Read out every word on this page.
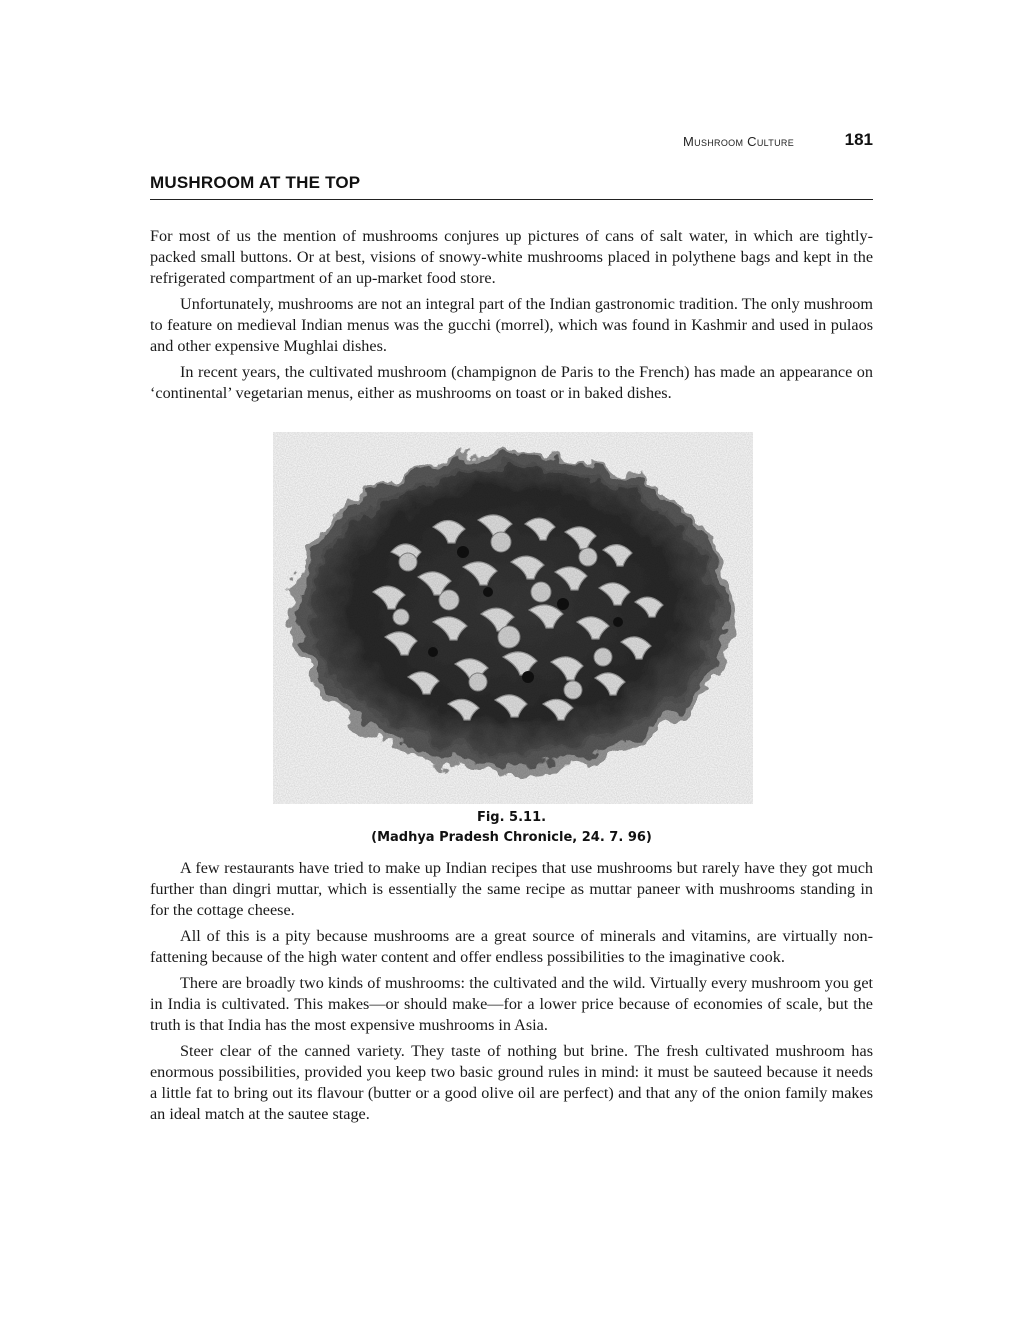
Mushroom Culture	181
MUSHROOM AT THE TOP

For most of us the mention of mushrooms conjures up pictures of cans of salt water, in which are tightly-packed small buttons. Or at best, visions of snowy-white mushrooms placed in polythene bags and kept in the refrigerated compartment of an up-market food store.

Unfortunately, mushrooms are not an integral part of the Indian gastronomic tradition. The only mushroom to feature on medieval Indian menus was the gucchi (morrel), which was found in Kashmir and used in pulaos and other expensive Mughlai dishes.

In recent years, the cultivated mushroom (champignon de Paris to the French) has made an appearance on ‘continental’ vegetarian menus, either as mushrooms on toast or in baked dishes.

Fig. 5.11.
(Madhya Pradesh Chronicle, 24. 7. 96)

A few restaurants have tried to make up Indian recipes that use mushrooms but rarely have they got much further than dingri muttar, which is essentially the same recipe as muttar paneer with mushrooms standing in for the cottage cheese.

All of this is a pity because mushrooms are a great source of minerals and vitamins, are virtually non-fattening because of the high water content and offer endless possibilities to the imaginative cook.

There are broadly two kinds of mushrooms: the cultivated and the wild. Virtually every mushroom you get in India is cultivated. This makes—or should make—for a lower price because of economies of scale, but the truth is that India has the most expensive mushrooms in Asia.

Steer clear of the canned variety. They taste of nothing but brine. The fresh cultivated mushroom has enormous possibilities, provided you keep two basic ground rules in mind: it must be sauteed because it needs a little fat to bring out its flavour (butter or a good olive oil are perfect) and that any of the onion family makes an ideal match at the sautee stage.
